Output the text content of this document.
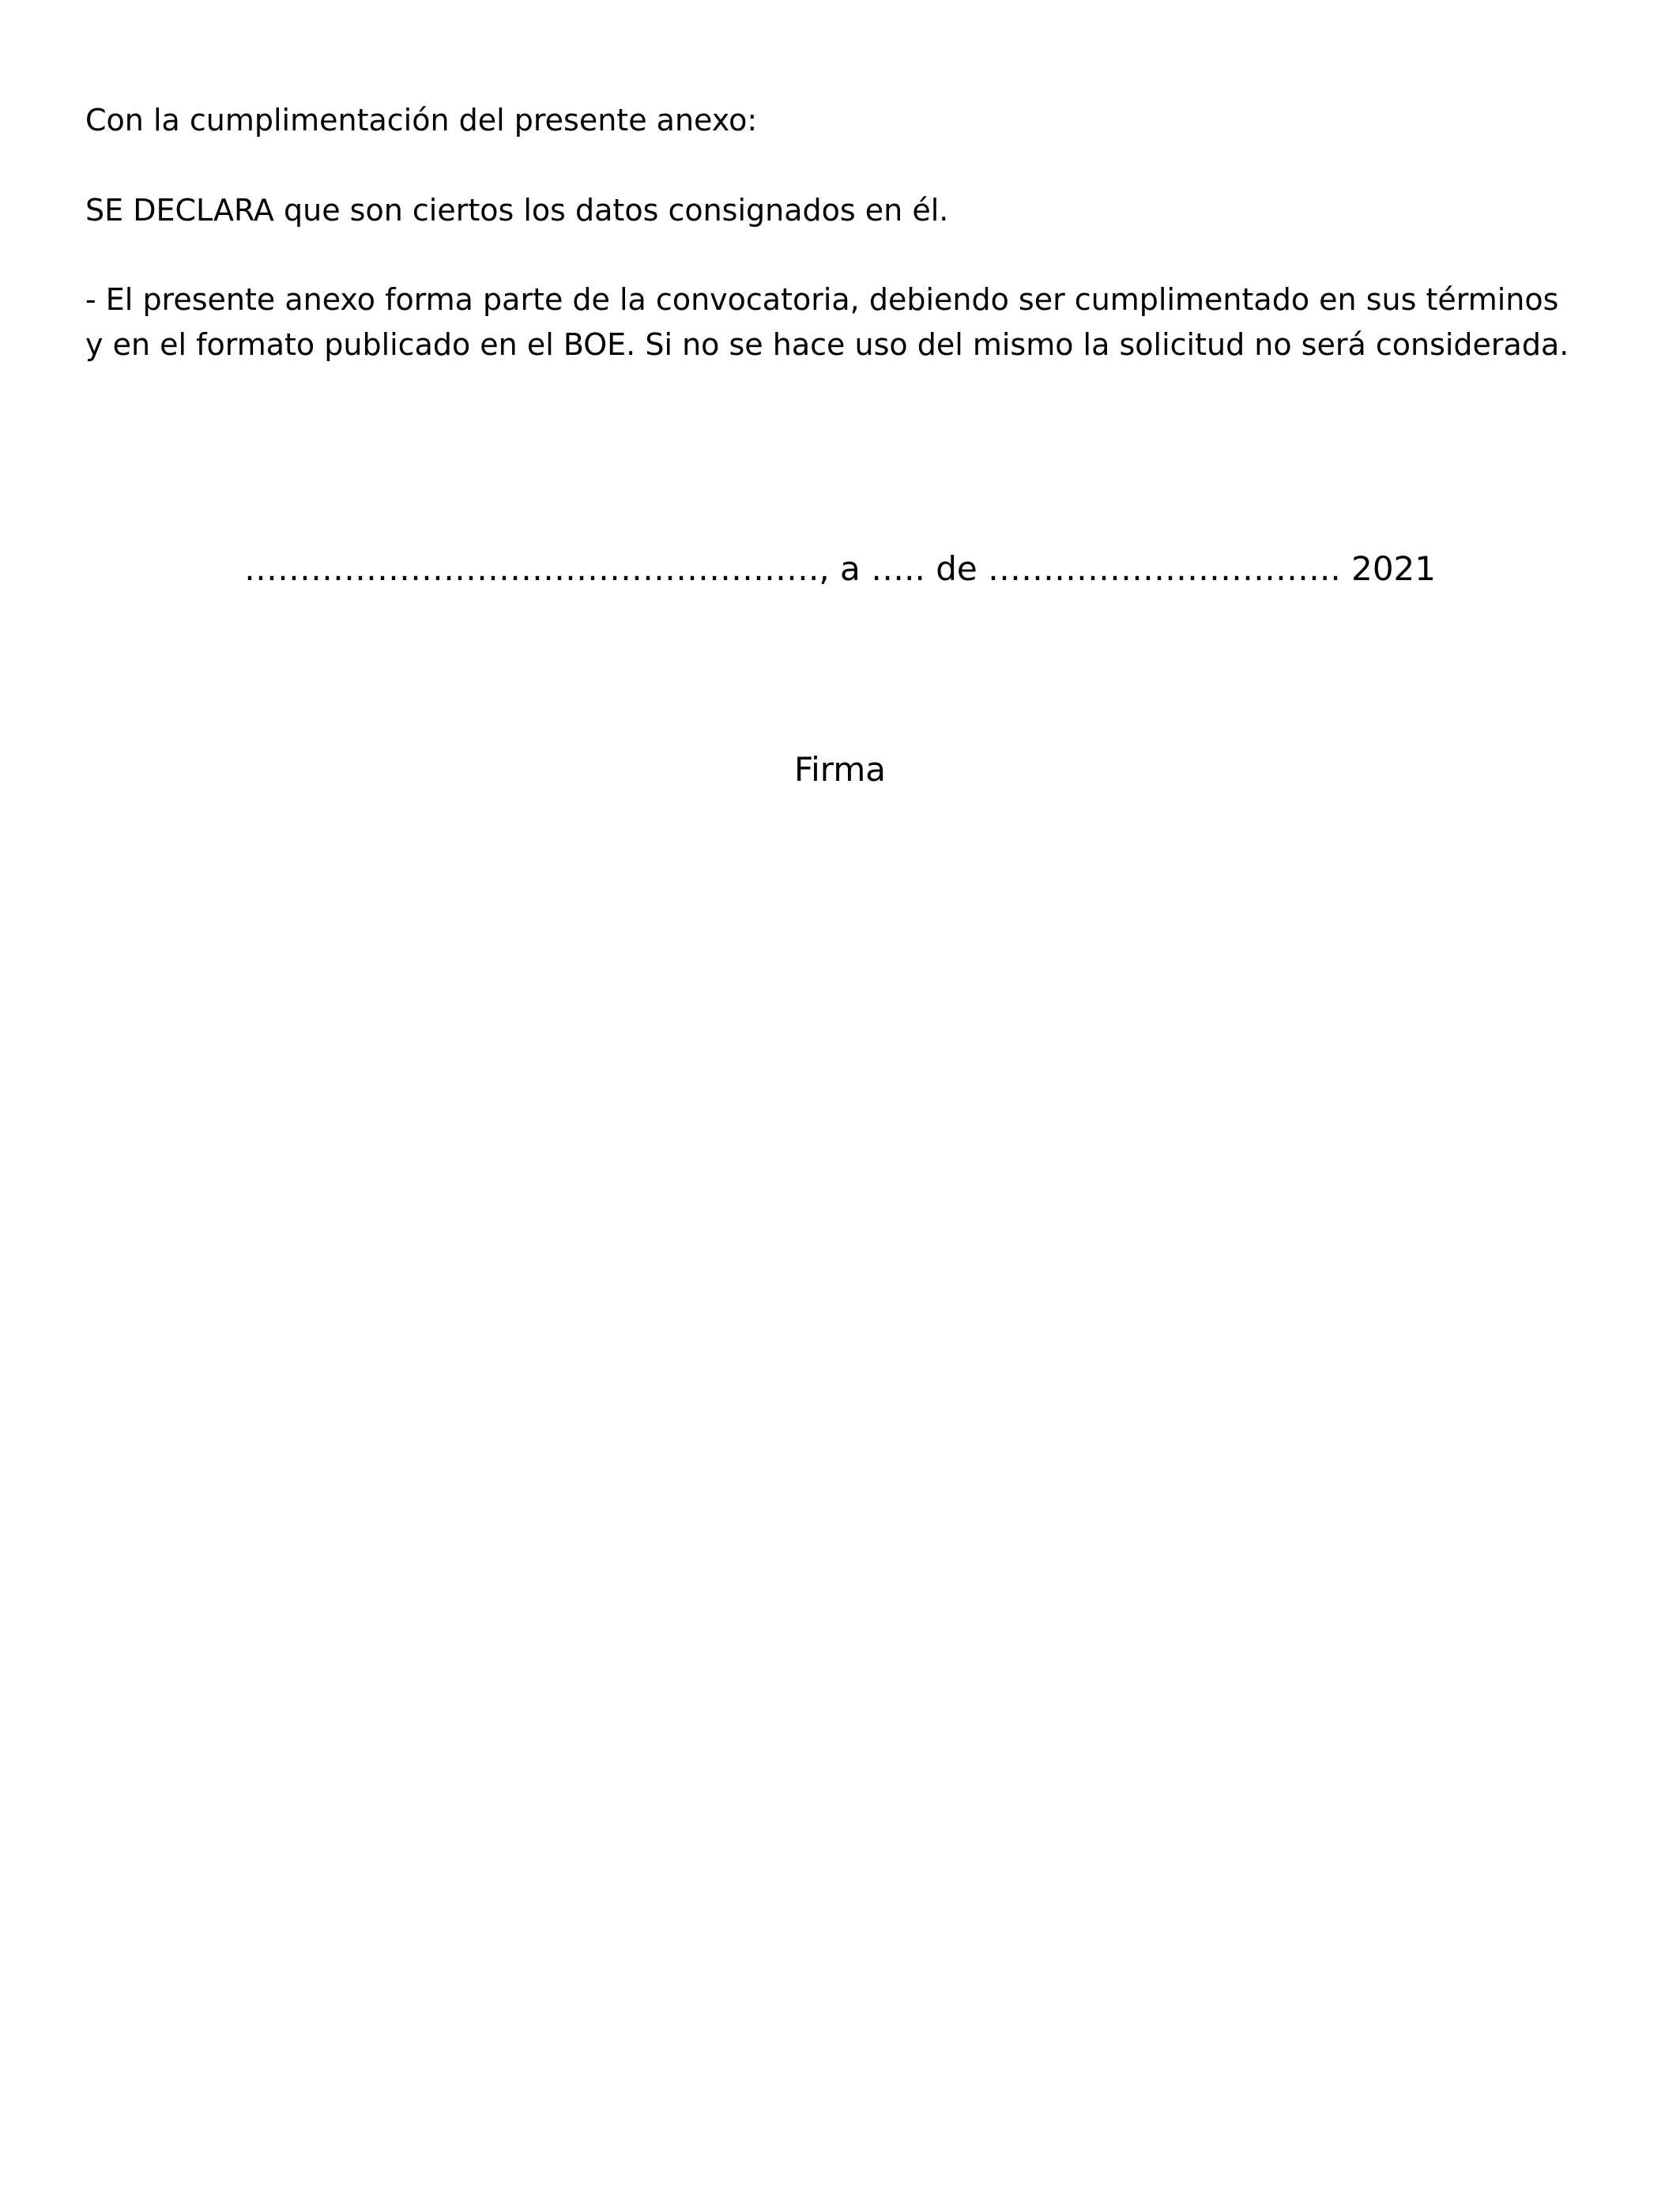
Con la cumplimentación del presente anexo:

SE DECLARA que son ciertos los datos consignados en él.

- El presente anexo forma parte de la convocatoria, debiendo ser cumplimentado en sus términos

y en el formato publicado en el BOE. Si no se hace uso del mismo la solicitud no será considerada.

……………………………………………., a ….. de ………………………….. 2021

Firma
